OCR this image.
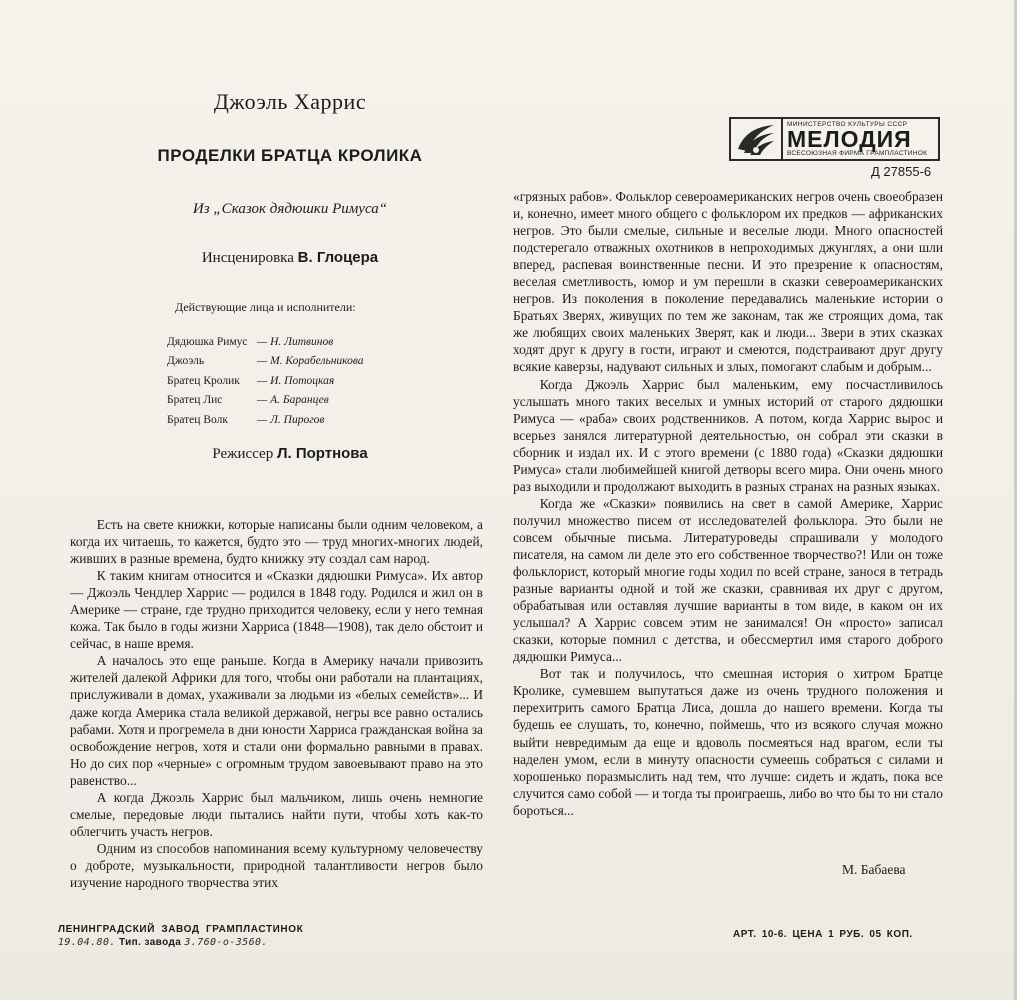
Джоэль Харрис
ПРОДЕЛКИ БРАТЦА КРОЛИКА
Из „Сказок дядюшки Римуса“
Инсценировка В. Глоцера
Действующие лица и исполнители:
Дядюшка Римус — Н. Литвинов
Джоэль	— М. Корабельникова
Братец Кролик	— И. Потоцкая
Братец Лис	— А. Баранцев
Братец Волк	— Л. Пирогов
Режиссер Л. Портнова
МИНИСТЕРСТВО КУЛЬТУРЫ СССР
МЕЛОДИЯ
ВСЕСОЮЗНАЯ ФИРМА ГРАМПЛАСТИНОК
Д 27855-6

Есть на свете книжки, которые написаны были одним человеком, а когда их читаешь, то кажется, будто это — труд многих-многих людей, живших в разные времена, будто книжку эту создал сам народ.

К таким книгам относится и «Сказки дядюшки Римуса». Их автор — Джоэль Чендлер Харрис — родился в 1848 году. Родился и жил он в Америке — стране, где трудно приходится человеку, если у него темная кожа. Так было в годы жизни Харриса (1848—1908), так дело обстоит и сейчас, в наше время.

А началось это еще раньше. Когда в Америку начали привозить жителей далекой Африки для того, чтобы они работали на плантациях, прислуживали в домах, ухаживали за людьми из «белых семейств»... И даже когда Америка стала великой державой, негры все равно остались рабами. Хотя и прогремела в дни юности Харриса гражданская война за освобождение негров, хотя и стали они формально равными в правах. Но до сих пор «черные» с огромным трудом завоевывают право на это равенство...

А когда Джоэль Харрис был мальчиком, лишь очень немногие смелые, передовые люди пытались найти пути, чтобы хоть как-то облегчить участь негров.

Одним из способов напоминания всему культурному человечеству о доброте, музыкальности, природной талантливости негров было изучение народного творчества этих

«грязных рабов». Фольклор североамериканских негров очень своеобразен и, конечно, имеет много общего с фольклором их предков — африканских негров. Это были смелые, сильные и веселые люди. Много опасностей подстерегало отважных охотников в непроходимых джунглях, а они шли вперед, распевая воинственные песни. И это презрение к опасностям, веселая сметливость, юмор и ум перешли в сказки североамериканских негров. Из поколения в поколение передавались маленькие истории о Братьях Зверях, живущих по тем же законам, так же строящих дома, так же любящих своих маленьких Зверят, как и люди... Звери в этих сказках ходят друг к другу в гости, играют и смеются, подстраивают друг другу всякие каверзы, надувают сильных и злых, помогают слабым и добрым...

Когда Джоэль Харрис был маленьким, ему посчастливилось услышать много таких веселых и умных историй от старого дядюшки Римуса — «раба» своих родственников. А потом, когда Харрис вырос и всерьез занялся литературной деятельностью, он собрал эти сказки в сборник и издал их. И с этого времени (с 1880 года) «Сказки дядюшки Римуса» стали любимейшей книгой детворы всего мира. Они очень много раз выходили и продолжают выходить в разных странах на разных языках.

Когда же «Сказки» появились на свет в самой Америке, Харрис получил множество писем от исследователей фольклора. Это были не совсем обычные письма. Литературоведы спрашивали у молодого писателя, на самом ли деле это его собственное творчество?! Или он тоже фольклорист, который многие годы ходил по всей стране, занося в тетрадь разные варианты одной и той же сказки, сравнивая их друг с другом, обрабатывая или оставляя лучшие варианты в том виде, в каком он их услышал? А Харрис совсем этим не занимался! Он «просто» записал сказки, которые помнил с детства, и обессмертил имя старого доброго дядюшки Римуса...

Вот так и получилось, что смешная история о хитром Братце Кролике, сумевшем выпутаться даже из очень трудного положения и перехитрить самого Братца Лиса, дошла до нашего времени. Когда ты будешь ее слушать, то, конечно, поймешь, что из всякого случая можно выйти невредимым да еще и вдоволь посмеяться над врагом, если ты наделен умом, если в минуту опасности сумеешь собраться с силами и хорошенько поразмыслить над тем, что лучше: сидеть и ждать, пока все случится само собой — и тогда ты проиграешь, либо во что бы то ни стало бороться...

М. Бабаева
ЛЕНИНГРАДСКИЙ ЗАВОД ГРАМПЛАСТИНОК
19.04.80. Тип. завода 3.760-о-3560.
АРТ. 10-6. ЦЕНА 1 РУБ. 05 КОП.
